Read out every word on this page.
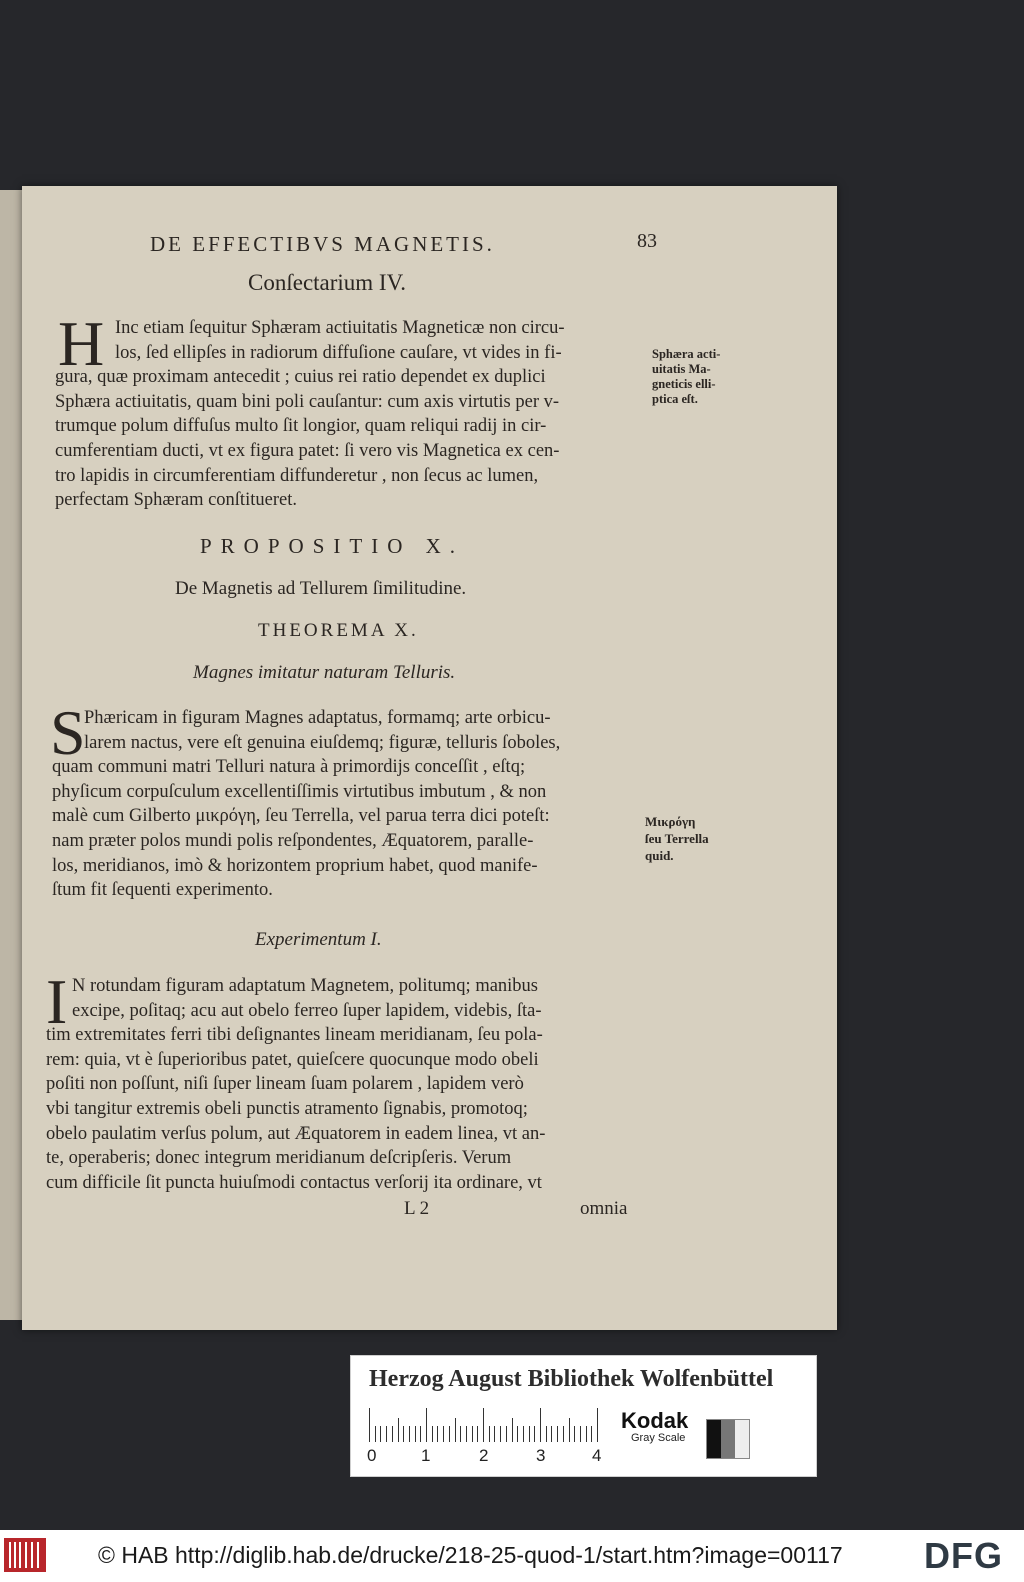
DE EFFECTIBVS MAGNETIS.	83
Conſectarium IV.
H Inc etiam ſequitur Sphæram actiuitatis Magneticæ non circu-
los, ſed ellipſes in radiorum diffuſione cauſare, vt vides in fi-
gura, quæ proximam antecedit ; cuius rei ratio dependet ex duplici
Sphæra actiuitatis, quam bini poli cauſantur: cum axis virtutis per v-
trumque polum diffuſus multo ſit longior, quam reliqui radij in cir-
cumferentiam ducti, vt ex figura patet: ſi vero vis Magnetica ex cen-
tro lapidis in circumferentiam diffunderetur , non ſecus ac lumen,
perfectam Sphæram conſtitueret.
Sphæra acti-
uitatis Ma-
gneticis elli-
ptica eſt.
PROPOSITIO X.
De Magnetis ad Tellurem ſimilitudine.
THEOREMA X.
Magnes imitatur naturam Telluris.
S
Phæricam in figuram Magnes adaptatus, formamq; arte orbicu-
larem nactus, vere eſt genuina eiuſdemq; figuræ, telluris ſoboles,
quam communi matri Telluri natura à primordijs conceſſit , eſtq;
phyſicum corpuſculum excellentiſſimis virtutibus imbutum , & non
malè cum Gilberto μικρόγη, ſeu Terrella, vel parua terra dici poteſt:
nam præter polos mundi polis reſpondentes, Æquatorem, paralle-
los, meridianos, imò & horizontem proprium habet, quod manife-
ſtum fit ſequenti experimento.
Μικρόγη
ſeu Terrella
quid.
Experimentum I.
I N rotundam figuram adaptatum Magnetem, politumq; manibus
excipe, poſitaq; acu aut obelo ferreo ſuper lapidem, videbis, ſta-
tim extremitates ferri tibi deſignantes lineam meridianam, ſeu pola-
rem: quia, vt è ſuperioribus patet, quieſcere quocunque modo obeli
poſiti non poſſunt, niſi ſuper lineam ſuam polarem , lapidem verò
vbi tangitur extremis obeli punctis atramento ſignabis, promotoq;
obelo paulatim verſus polum, aut Æquatorem in eadem linea, vt an-
te, operaberis; donec integrum meridianum deſcripſeris. Verum
cum difficile ſit puncta huiuſmodi contactus verſorij ita ordinare, vt
L 2	omnia
Herzog August Bibliothek Wolfenbüttel
0	1	2	3	4
Kodak
Gray Scale
© HAB http://diglib.hab.de/drucke/218-25-quod-1/start.htm?image=00117 DFG
